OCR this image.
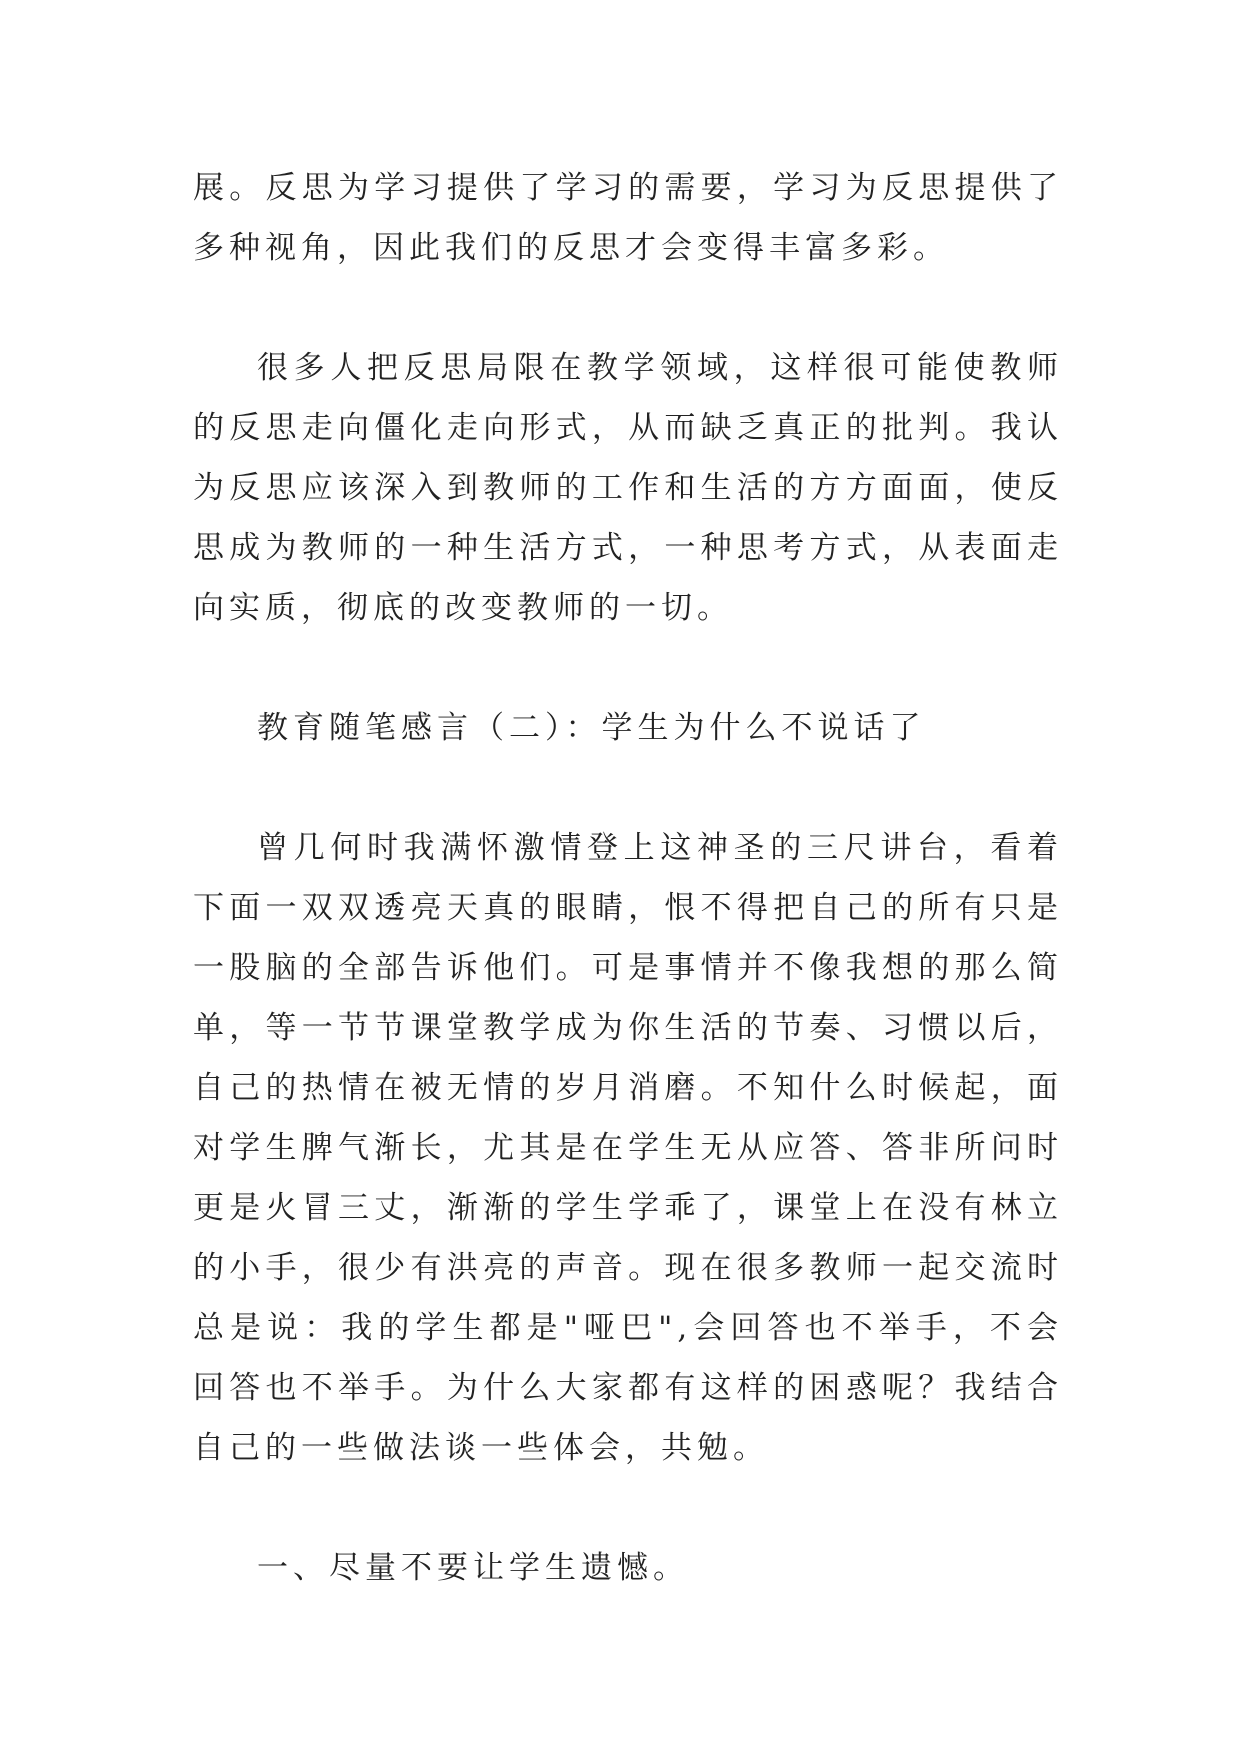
展。反思为学习提供了学习的需要，学习为反思提供了多种视角，因此我们的反思才会变得丰富多彩。

很多人把反思局限在教学领域，这样很可能使教师的反思走向僵化走向形式，从而缺乏真正的批判。我认为反思应该深入到教师的工作和生活的方方面面，使反思成为教师的一种生活方式，一种思考方式，从表面走向实质，彻底的改变教师的一切。

教育随笔感言（二）：学生为什么不说话了

曾几何时我满怀激情登上这神圣的三尺讲台，看着下面一双双透亮天真的眼睛，恨不得把自己的所有只是一股脑的全部告诉他们。可是事情并不像我想的那么简单，等一节节课堂教学成为你生活的节奏、习惯以后，自己的热情在被无情的岁月消磨。不知什么时候起，面对学生脾气渐长，尤其是在学生无从应答、答非所问时更是火冒三丈，渐渐的学生学乖了，课堂上在没有林立的小手，很少有洪亮的声音。现在很多教师一起交流时总是说：我的学生都是"哑巴",会回答也不举手，不会回答也不举手。为什么大家都有这样的困惑呢？我结合自己的一些做法谈一些体会，共勉。

一、尽量不要让学生遗憾。
